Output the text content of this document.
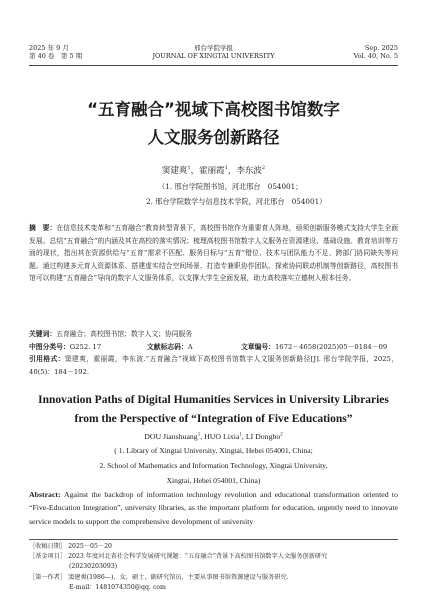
2025 年 9 月
第 40 卷　第 5 期
邢台学院学报
JOURNAL OF XINGTAI UNIVERSITY
Sep. 2025
Vol. 40, No. 5
“五育融合”视域下高校图书馆数字
人文服务创新路径
窦建爽$^1$，霍丽霞$^1$，李东波$^2$
（1. 邢台学院图书馆，河北邢台　054001；
2. 邢台学院数学与信息技术学院，河北邢台　054001）
摘　要：在信息技术变革和“五育融合”教育转型背景下，高校图书馆作为重要育人阵地，亟须创新服务模式支持大学生全面发展。总结“五育融合”的内涵及其在高校的落实情况；梳理高校图书馆数字人文服务在资源建设、基础设施、教育培训等方面的现状，指出其在资源供给与“五育”需求不匹配、服务目标与“五育”错位、技术与团队能力不足、跨部门协同缺失等问题。通过构建多元育人资源体系、搭建虚实结合空间场景、打造专兼职协作团队、探索协同联动机制等创新路径，高校图书馆可以构建“五育融合”导向的数字人文服务体系，以支撑大学生全面发展，助力高校落实立德树人根本任务。
关键词：五育融合；高校图书馆；数字人文；协同服务
中图分类号：G252. 17	文献标志码：A	文章编号：1672－4658(2025)05－0184－09
引用格式：窦建爽，霍丽霞，李东波.“五育融合”视域下高校图书馆数字人文服务创新路径[J]. 邢台学院学报，2025，40(5)：184－192.
Innovation Paths of Digital Humanities Services in University Libraries
from the Perspective of “Integration of Five Educations”
DOU Jianshuang$^1$, HUO Lixia$^1$, LI Dongbo$^2$
( 1. Library of Xingtai University, Xingtai, Hebei 054001, China;
2. School of Mathematics and Information Technology, Xingtai University,
Xingtai, Hebei 054001, China)
Abstract: Against the backdrop of information technology revolution and educational transformation oriented to “Five-Education Integration”, university libraries, as the important platform for education, urgently need to innovate service models to support the comprehensive development of university
［收稿日期］ 2025－05－20
［基金项目］ 2023 年度河北省社会科学发展研究课题：“五育融合”背景下高校图书馆数字人文服务创新研究
(20230203093)
［第一作者］ 窦建爽(1986—)，女，硕士，副研究馆员，主要从事图书馆资源建设与服务研究.
E-mail：1481074350@qq. com
